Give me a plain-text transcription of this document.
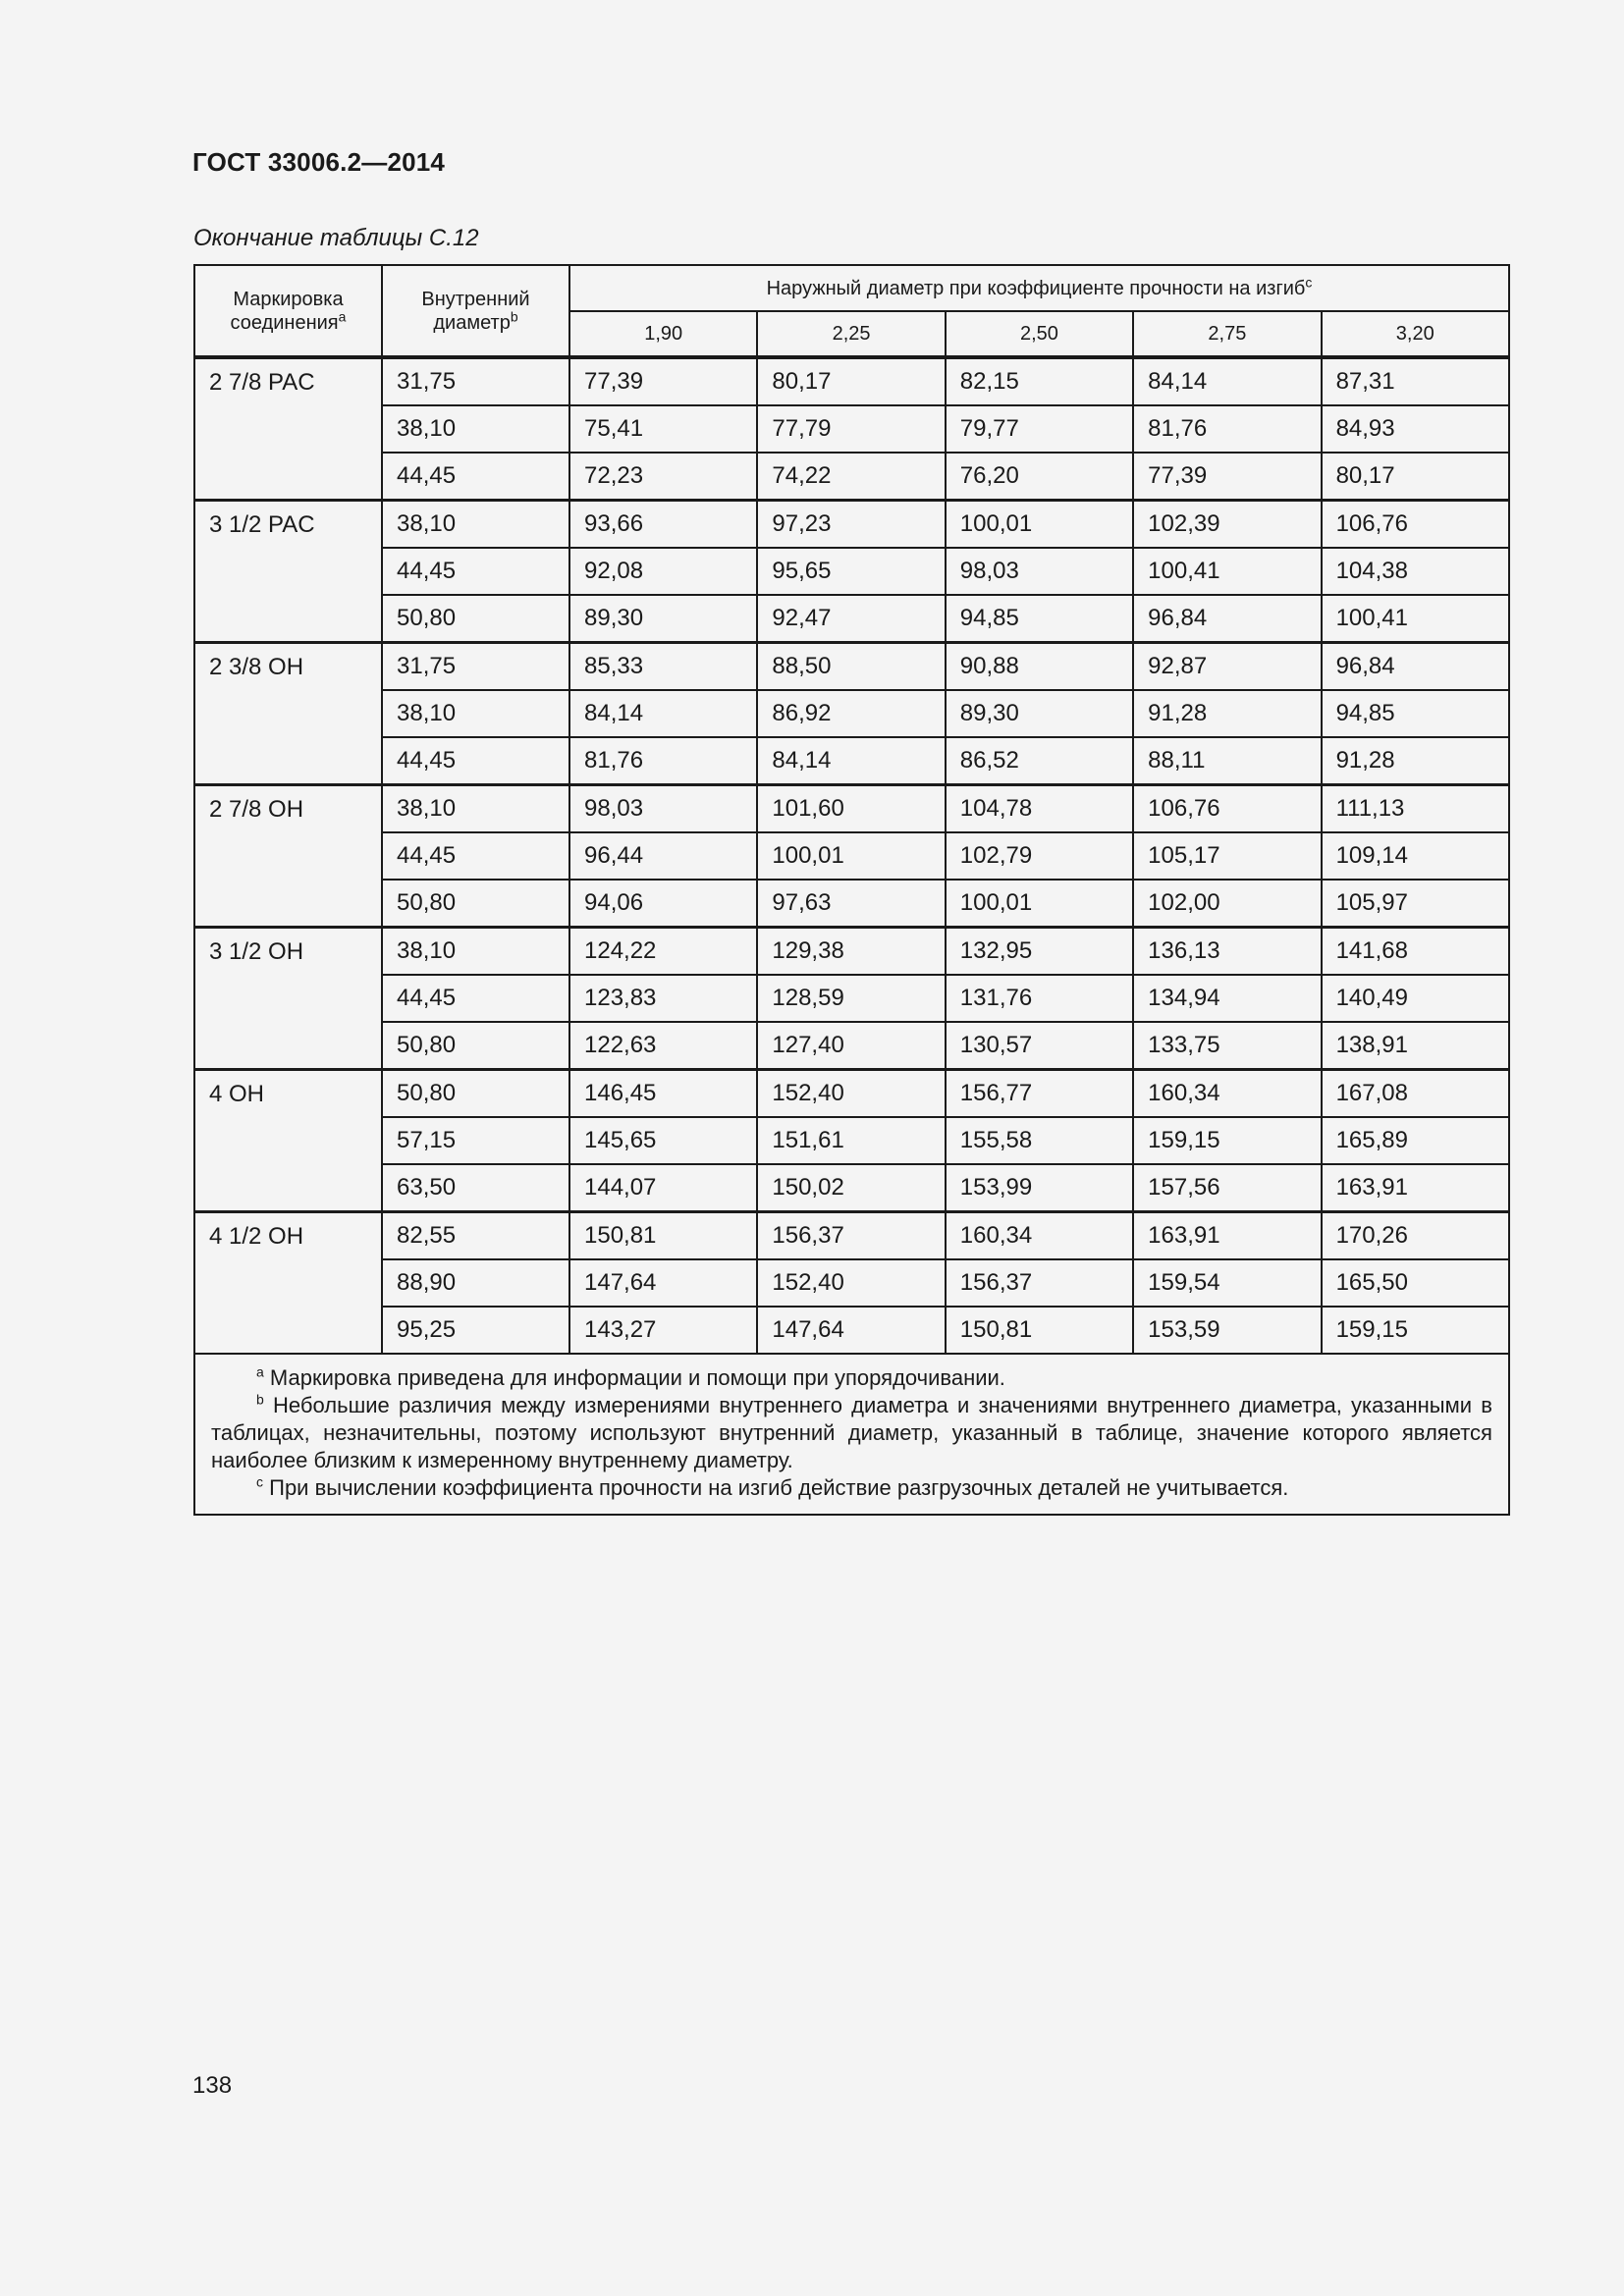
ГОСТ 33006.2—2014
Окончание таблицы С.12
Маркировка соединения$^a$	Внутренний диаметр$^b$	Наружный диаметр при коэффициенте прочности на изгиб$^c$
		1,90	2,25	2,50	2,75	3,20
2 7/8 PAC	31,75	77,39	80,17	82,15	84,14	87,31
	38,10	75,41	77,79	79,77	81,76	84,93
	44,45	72,23	74,22	76,20	77,39	80,17
3 1/2 PAC	38,10	93,66	97,23	100,01	102,39	106,76
	44,45	92,08	95,65	98,03	100,41	104,38
	50,80	89,30	92,47	94,85	96,84	100,41
2 3/8 OH	31,75	85,33	88,50	90,88	92,87	96,84
	38,10	84,14	86,92	89,30	91,28	94,85
	44,45	81,76	84,14	86,52	88,11	91,28
2 7/8 OH	38,10	98,03	101,60	104,78	106,76	111,13
	44,45	96,44	100,01	102,79	105,17	109,14
	50,80	94,06	97,63	100,01	102,00	105,97
3 1/2 OH	38,10	124,22	129,38	132,95	136,13	141,68
	44,45	123,83	128,59	131,76	134,94	140,49
	50,80	122,63	127,40	130,57	133,75	138,91
4 OH	50,80	146,45	152,40	156,77	160,34	167,08
	57,15	145,65	151,61	155,58	159,15	165,89
	63,50	144,07	150,02	153,99	157,56	163,91
4 1/2 OH	82,55	150,81	156,37	160,34	163,91	170,26
	88,90	147,64	152,40	156,37	159,54	165,50
	95,25	143,27	147,64	150,81	153,59	159,15

$^a$ Маркировка приведена для информации и помощи при упорядочивании.
$^b$ Небольшие различия между измерениями внутреннего диаметра и значениями внутреннего диаметра, указанными в таблицах, незначительны, поэтому используют внутренний диаметр, указанный в таблице, значение которого является наиболее близким к измеренному внутреннему диаметру.
$^c$ При вычислении коэффициента прочности на изгиб действие разгрузочных деталей не учитывается.						
138
